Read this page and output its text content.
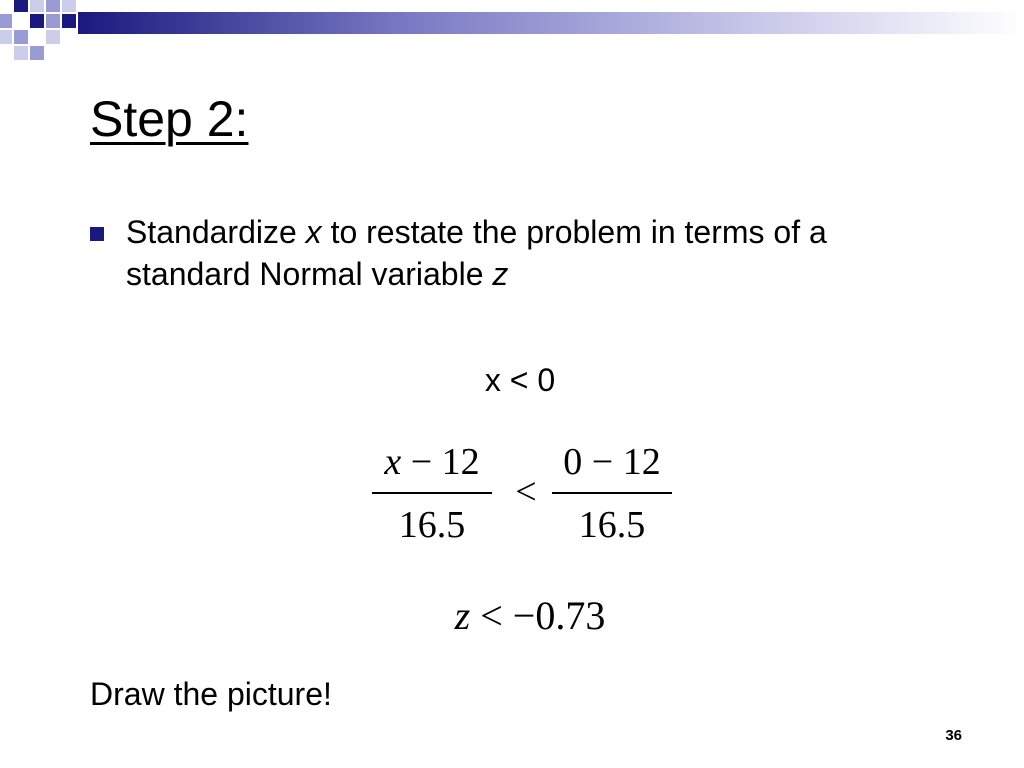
Step 2:
Standardize x to restate the problem in terms of a standard Normal variable z
x < 0
x − 12
16.5
<
0 − 12
16.5
z < −0.73
Draw the picture!
36
